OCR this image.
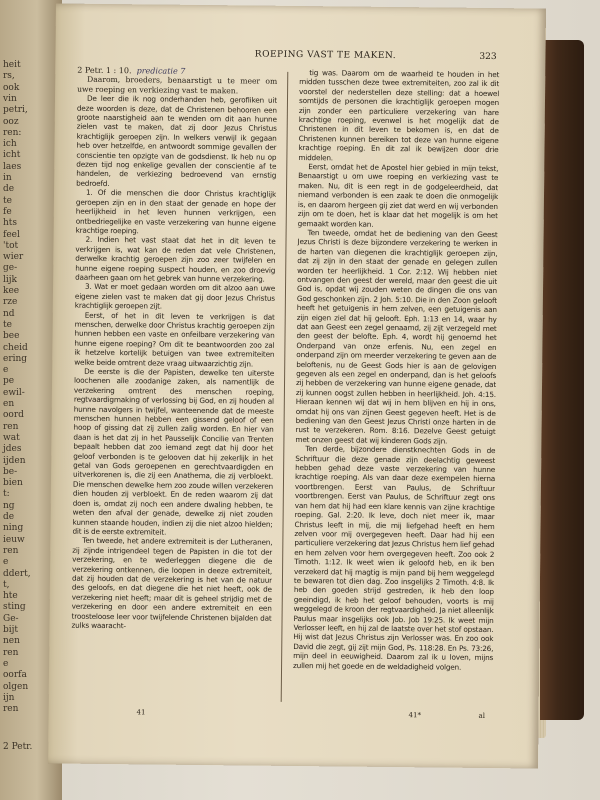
heit
rs,
ook
vin
petri,
ooz
ren:
ich
icht
laes
in
de
te
fe
hts
feel
'tot
wier
ge-
lijk
kee
rze
nd
te
bee
cheid
ering
e
pe
ewil-
en
oord
ren
wat
jdes
ijden
be-
bien
t:
ng
de
ning
ieuw
ren
e
ddert,
t,
hte
sting
Ge-
bijt
nen
ren
e
oorfa
olgen
ijn
ren
2 Petr.
ROEPING VAST TE MAKEN.	323
2 Petr. 1 : 10. predicatie 7

Daarom, broeders, benaarstigt u te meer om uwe roeping en verkiezing vast te maken.

De leer die ik nog onderhanden heb, gerofliken uit deze woorden is deze, dat de Christenen behooren een groote naarstigheid aan te wenden om dit aan hunne zielen vast te maken, dat zij door Jezus Christus krachtiglijk geroepen zijn. In welkers verwijl ik gegaan heb over hetzelfde, en antwoordt sommige gevallen der conscientie ten opzigte van de godsdienst. Ik heb nu op dezen tijd nog enkelige gevallen der conscientie af te handelen, de verkiezing bedroevend van ernstig bedroefd.

1. Of die menschen die door Christus krachtiglijk geroepen zijn en in den staat der genade en hope der heerlijkheid in het leven hunnen verkrijgen, een ontbedriegelijke en vaste verzekering van hunne eigene krachtige roeping.

2. Indien het vast staat dat het in dit leven te verkrijgen is, wat kan de reden dat vele Christenen, derwelke krachtig geroepen zijn zoo zeer twijfelen en hunne eigene roeping suspect houden, en zoo droevig daarheen gaan om het gebrek van hunne verzekering.

3. Wat er moet gedaan worden om dit alzoo aan uwe eigene zielen vast te maken dat gij door Jezus Christus krachtiglijk geroepen zijt.

Eerst, of het in dit leven te verkrijgen is dat menschen, derwelke door Christus krachtig geroepen zijn hunnen hebben een vaste en onfeilbare verzekering van hunne eigene roeping? Om dit te beantwoorden zoo zal ik hetzelve kortelijk betuigen van twee extremiteiten welke beide omtrent deze vraag uitwaarzichtig zijn.

De eerste is die der Papisten, dewelke ten uiterste loochenen alle zoodanige zaken, als namentlijk de verzekering omtrent des menschen roeping, regtvaardigmaking of verlossing bij God, en zij houden al hunne navolgers in twijfel, wanteenende dat de meeste menschen hunnen hebben een gissend geloof of een hoop of gissing dat zij zullen zalig worden. En hier van daan is het dat zij in het Pausselijk Concilie van Trenten bepaalt hebben dat zoo iemand zegt dat hij door het geloof verbonden is te gelooven dat hij zekerlijk in het getal van Gods geroepenen en gerechtvaardigden en uitverkorenen is, die zij een Anathema, die zij verbloekt. Die menschen dewelke hem zoo zoude willen verzekeren dien houden zij verbloekt. En de reden waarom zij dat doen is, omdat zij noch een andere dwaling hebben, te weten den afval der genade, dewelke zij niet zouden kunnen staande houden, indien zij die niet alzoo hielden; dit is de eerste extremiteit.

Ten tweede, het andere extremiteit is der Lutheranen, zij zijnde intrigendeel tegen de Papisten in die tot der verzekering, en te wederleggen diegene die de verzekering ontkennen, die loopen in deeze extremiteit, dat zij houden dat de verzekering is het van de natuur des geloofs, en dat diegene die het niet heeft, ook de verzekering niet heeft; maar dit is geheel strijdig met de verzekering en door een andere extremiteit en een troosteloose leer voor twijfelende Christenen bijalden dat zulks waaracht-

tig was. Daarom om de waarheid te houden in het midden tusschen deze twee extremiteiten, zoo zal ik dit voorstel der nederstellen deze stelling: dat a hoewel somtijds de personen die krachtiglijk geroepen mogen zijn zonder een particuliere verzekering van hare krachtige roeping, evenwel is het mogelijk dat de Christenen in dit leven te bekomen is, en dat de Christenen kunnen bereiken tot deze van hunne eigene krachtige roeping. En dit zal ik bewijzen door drie middelen.

Eerst, omdat het de Apostel hier gebied in mijn tekst, Benaarstigt u om uwe roeping en verkiezing vast te maken. Nu, dit is een regt in de godgeleerdheid, dat niemand verbonden is een zaak te doen die onmogelijk is, en daarom hergeen gij ziet dat werd en wij verbonden zijn om te doen, het is klaar dat het mogelijk is om het gemaakt worden kan.

Ten tweede, omdat het de bediening van den Geest Jezus Christi is deze bijzondere verzekering te werken in de harten van diegenen die krachtiglijk geroepen zijn, dat zij zijn in den staat der genade en gelegen zullen worden ter heerlijkheid. 1 Cor. 2:12. Wij hebben niet ontvangen den geest der wereld, maar den geest die uit God is, opdat wij zouden weten de dingen die ons van God geschonken zijn. 2 Joh. 5:10. Die in den Zoon gelooft heeft het getuigenis in hem zelven, een getuigenis aan zijn eigen ziel dat hij gelooft. Eph. 1:13 en 14, waar hy dat aan Geest een zegel genaamd, zij zijt verzegeld met den geest der belofte. Eph. 4, wordt hij genoemd het Onderpand van onze erfenis. Nu, een zegel en onderpand zijn om meerder verzekering te geven aan de beloftenis, nu de Geest Gods hier is aan de gelovigen gegeven als een zegel en onderpand, dan is het geloofs zij hebben de verzekering van hunne eigene genade, dat zij kunnen oogst zullen hebben in heerlijkheid. Joh. 4:15. Hieraan kennen wij dat wij in hem blijven en hij in ons, omdat hij ons van zijnen Geest gegeven heeft. Het is de bediening van den Geest Jezus Christi onze harten in de rust te verzekeren. Rom. 8:16. Dezelve Geest getuigt met onzen geest dat wij kinderen Gods zijn.

Ten derde, bijzondere dienstknechten Gods in de Schriftuur die deze genade zijn deelachtig geweest hebben gehad deze vaste verzekering van hunne krachtige roeping. Als van daar deze exempelen hierna voortbrengen. Eerst van Paulus, de Schriftuur voortbrengen. Eerst van Paulus, de Schriftuur zegt ons van hem dat hij had een klare kennis van zijne krachtige roeping. Gal. 2:20. Ik leve, doch niet meer ik, maar Christus leeft in mij, die mij liefgehad heeft en hem zelven voor mij overgegeven heeft. Daar had hij een particuliere verzekering dat Jezus Christus hem lief gehad en hem zelven voor hem overgegeven heeft. Zoo ook 2 Timoth. 1:12. Ik weet wien ik geloofd heb, en ik ben verzekerd dat hij magtig is mijn pand bij hem weggelegd te bewaren tot dien dag. Zoo insgelijks 2 Timoth. 4:8. Ik heb den goeden strijd gestreden, ik heb den loop geeindigd, ik heb het geloof behouden, voorts is mij weggelegd de kroon der regtvaardigheid. Ja niet alleenlijk Paulus maar insgelijks ook Job. Job 19:25. Ik weet mijn Verlosser leeft, en hij zal de laatste over het stof opstaan. Hij wist dat Jezus Christus zijn Verlosser was. En zoo ook David die zegt, gij zijt mijn God, Ps. 118:28. En Ps. 73:26, mijn deel in eeuwigheid. Daarom zal ik u loven, mijns zullen mij het goede en de weldadigheid volgen.

41	41*	al
